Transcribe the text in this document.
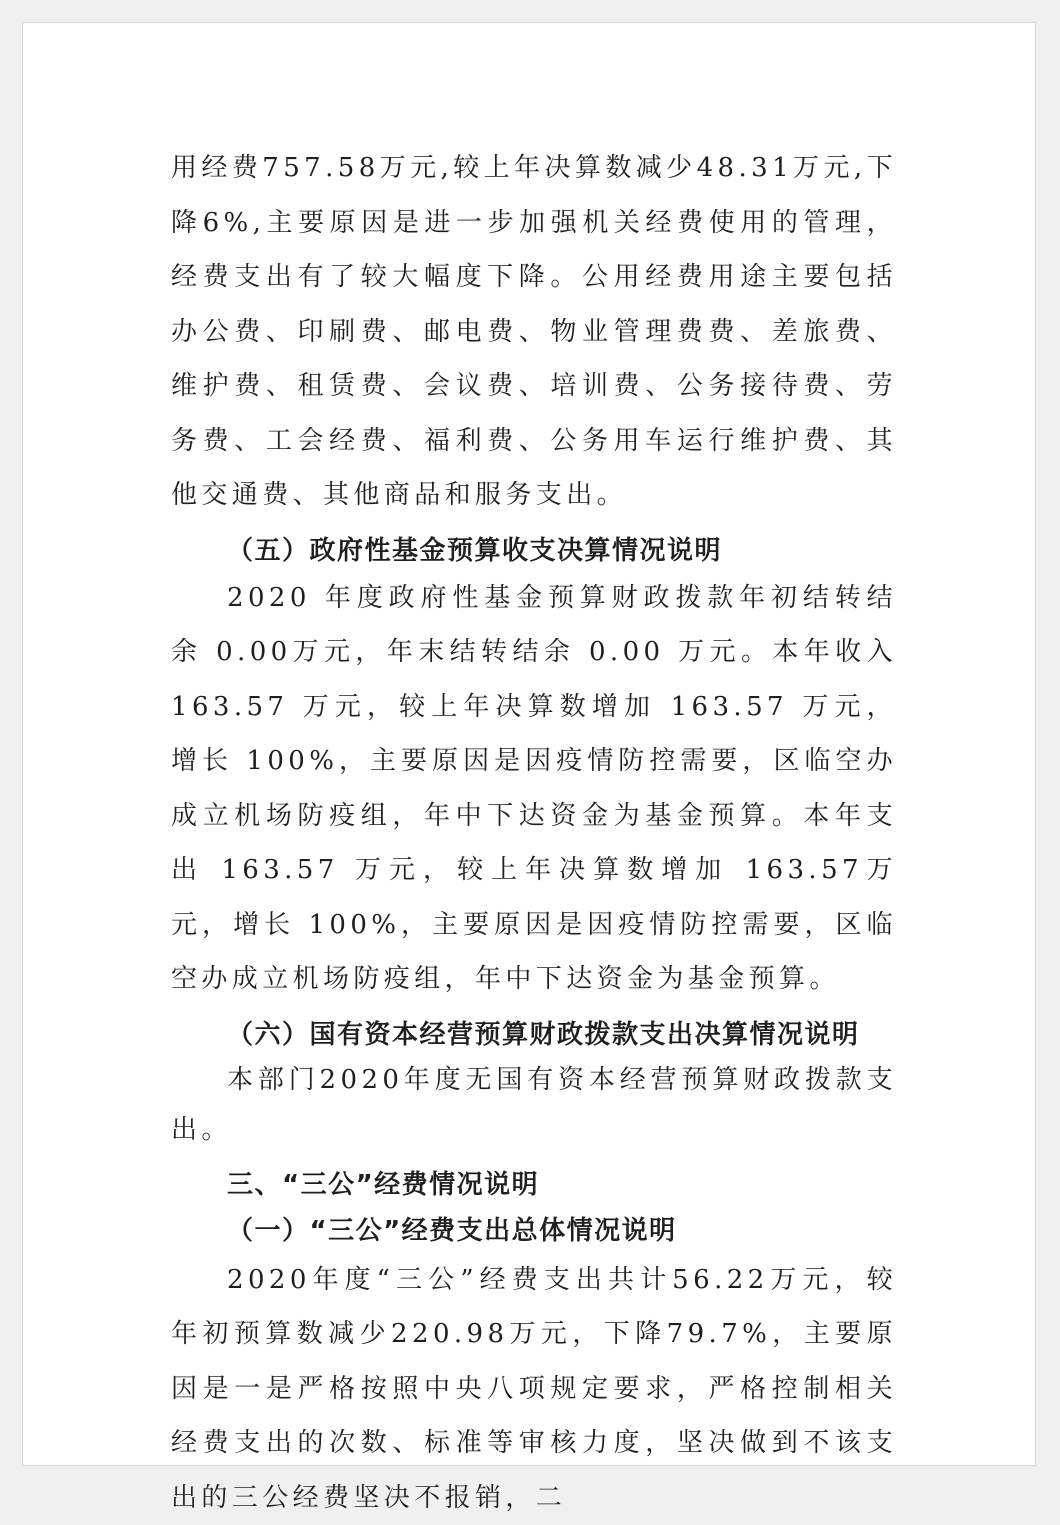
用经费757.58万元,较上年决算数减少48.31万元,下降6%,主要原因是进一步加强机关经费使用的管理，经费支出有了较大幅度下降。公用经费用途主要包括办公费、印刷费、邮电费、物业管理费费、差旅费、维护费、租赁费、会议费、培训费、公务接待费、劳务费、工会经费、福利费、公务用车运行维护费、其他交通费、其他商品和服务支出。

（五）政府性基金预算收支决算情况说明

2020 年度政府性基金预算财政拨款年初结转结余 0.00万元，年末结转结余 0.00 万元。本年收入 163.57 万元，较上年决算数增加 163.57 万元，增长 100%，主要原因是因疫情防控需要，区临空办成立机场防疫组，年中下达资金为基金预算。本年支出 163.57 万元，较上年决算数增加 163.57万元，增长 100%，主要原因是因疫情防控需要，区临空办成立机场防疫组，年中下达资金为基金预算。

（六）国有资本经营预算财政拨款支出决算情况说明

本部门2020年度无国有资本经营预算财政拨款支出。

三、“三公”经费情况说明

（一）“三公”经费支出总体情况说明

2020年度“三公”经费支出共计56.22万元，较年初预算数减少220.98万元，下降79.7%，主要原因是一是严格按照中央八项规定要求，严格控制相关经费支出的次数、标准等审核力度，坚决做到不该支出的三公经费坚决不报销，二
